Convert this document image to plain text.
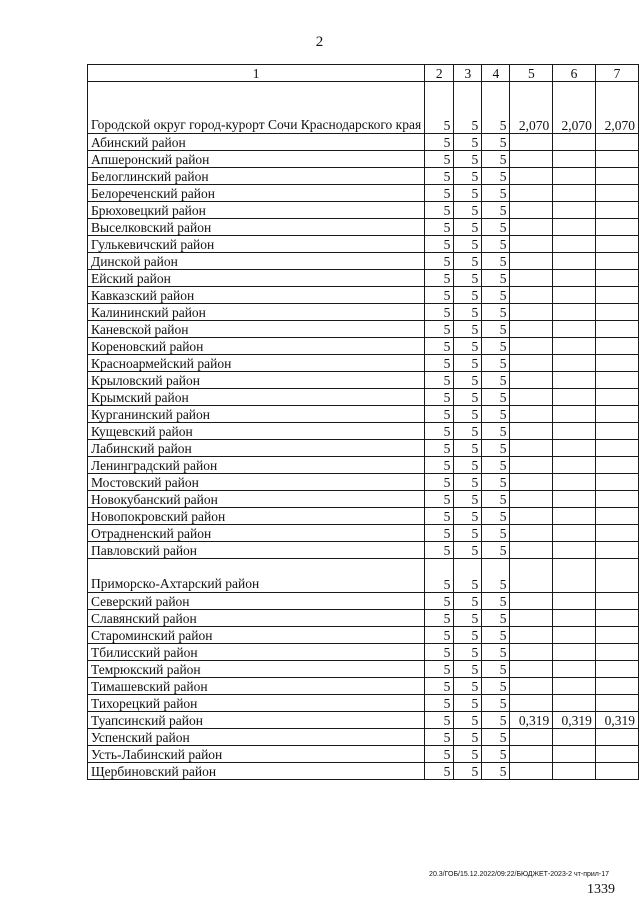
2
1	2	3	4	5	6	7
Городской округ город-курорт Сочи Краснодарского края	5	5	5	2,070	2,070	2,070
Абинский район	5	5	5			
Апшеронский район	5	5	5			
Белоглинский район	5	5	5			
Белореченский район	5	5	5			
Брюховецкий район	5	5	5			
Выселковский район	5	5	5			
Гулькевичский район	5	5	5			
Динской район	5	5	5			
Ейский район	5	5	5			
Кавказский район	5	5	5			
Калининский район	5	5	5			
Каневской район	5	5	5			
Кореновский район	5	5	5			
Красноармейский район	5	5	5			
Крыловский район	5	5	5			
Крымский район	5	5	5			
Курганинский район	5	5	5			
Кущевский район	5	5	5			
Лабинский район	5	5	5			
Ленинградский район	5	5	5			
Мостовский район	5	5	5			
Новокубанский район	5	5	5			
Новопокровский район	5	5	5			
Отрадненский район	5	5	5			
Павловский район	5	5	5			
Приморско-Ахтарский район	5	5	5			
Северский район	5	5	5			
Славянский район	5	5	5			
Староминский район	5	5	5			
Тбилисский район	5	5	5			
Темрюкский район	5	5	5			
Тимашевский район	5	5	5			
Тихорецкий район	5	5	5			
Туапсинский район	5	5	5	0,319	0,319	0,319
Успенский район	5	5	5			
Усть-Лабинский район	5	5	5			
Щербиновский район	5	5	5			
20.3/ГОБ/15.12.2022/09:22/БЮДЖЕТ-2023-2 чт-прил-17
1339
